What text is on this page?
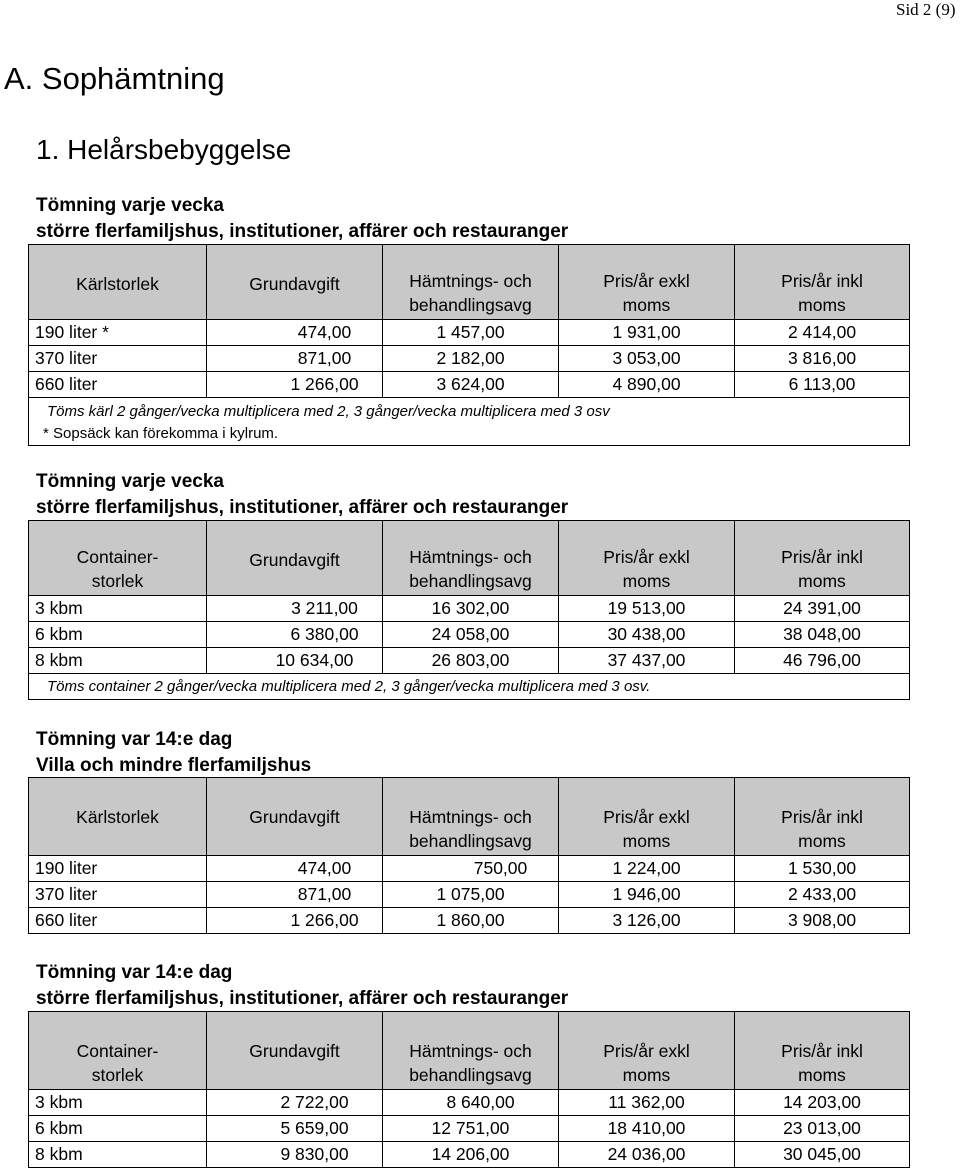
Sid 2 (9)
A. Sophämtning
1. Helårsbebyggelse
Tömning varje vecka
större flerfamiljshus, institutioner, affärer och restauranger
Kärlstorlek	Grundavgift	Hämtnings- och behandlingsavg	Pris/år exkl moms	Pris/år inkl moms
190 liter *	474,00	1 457,00	1 931,00	2 414,00
370 liter	871,00	2 182,00	3 053,00	3 816,00
660 liter	1 266,00	3 624,00	4 890,00	6 113,00

Töms kärl 2 gånger/vecka multiplicera med 2, 3 gånger/vecka multiplicera med 3 osv				

* Sopsäck kan förekomma i kylrum.				
Tömning varje vecka
större flerfamiljshus, institutioner, affärer och restauranger
Container-storlek	Grundavgift	Hämtnings- och behandlingsavg	Pris/år exkl moms	Pris/år inkl moms
3 kbm	3 211,00	16 302,00	19 513,00	24 391,00
6 kbm	6 380,00	24 058,00	30 438,00	38 048,00
8 kbm	10 634,00	26 803,00	37 437,00	46 796,00

Töms container 2 gånger/vecka multiplicera med 2, 3 gånger/vecka multiplicera med 3 osv.				
Tömning var 14:e dag
Villa och mindre flerfamiljshus
Kärlstorlek	Grundavgift	Hämtnings- och behandlingsavg	Pris/år exkl moms	Pris/år inkl moms
190 liter	474,00	750,00	1 224,00	1 530,00
370 liter	871,00	1 075,00	1 946,00	2 433,00
660 liter	1 266,00	1 860,00	3 126,00	3 908,00
Tömning var 14:e dag
större flerfamiljshus, institutioner, affärer och restauranger
Container-storlek	Grundavgift	Hämtnings- och behandlingsavg	Pris/år exkl moms	Pris/år inkl moms
3 kbm	2 722,00	8 640,00	11 362,00	14 203,00
6 kbm	5 659,00	12 751,00	18 410,00	23 013,00
8 kbm	9 830,00	14 206,00	24 036,00	30 045,00
